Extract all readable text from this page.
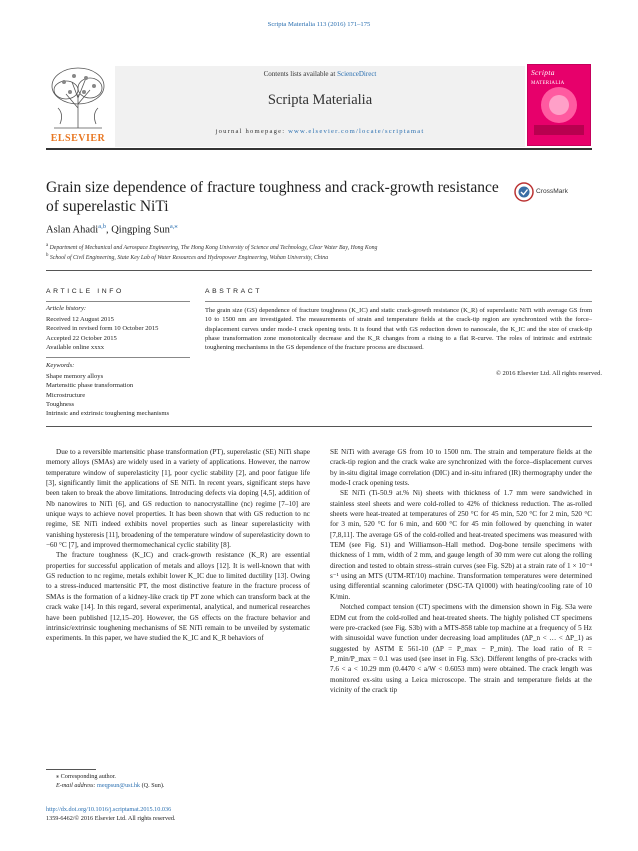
Scripta Materialia 113 (2016) 171–175
ELSEVIER
Contents lists available at ScienceDirect
Scripta Materialia
journal homepage: www.elsevier.com/locate/scriptamat
Scripta MATERIALIA
Grain size dependence of fracture toughness and crack-growth resistance
of superelastic NiTi
CrossMark
Aslan Ahadi$^{a,b}$, Qingping Sun$^{a,⁎}$
$^a$ Department of Mechanical and Aerospace Engineering, The Hong Kong University of Science and Technology, Clear Water Bay, Hong Kong
$^b$ School of Civil Engineering, State Key Lab of Water Resources and Hydropower Engineering, Wuhan University, China
ARTICLE INFO
Article history:
Received 12 August 2015
Received in revised form 10 October 2015
Accepted 22 October 2015
Available online xxxx
Keywords:
Shape memory alloys
Martensitic phase transformation
Microstructure
Toughness
Intrinsic and extrinsic toughening mechanisms
ABSTRACT
The grain size (GS) dependence of fracture toughness (K_IC) and static crack-growth resistance (K_R) of superelastic NiTi with average GS from 10 to 1500 nm are investigated. The measurements of strain and temperature fields at the crack-tip region are synchronized with the force–displacement curves under mode-I crack opening tests. It is found that with GS reduction down to nanoscale, the K_IC and the size of crack-tip phase transformation zone monotonically decrease and the K_R changes from a rising to a flat R-curve. The roles of intrinsic and extrinsic toughening mechanisms in the GS dependence of the fracture process are discussed.
© 2016 Elsevier Ltd. All rights reserved.

Due to a reversible martensitic phase transformation (PT), superelastic (SE) NiTi shape memory alloys (SMAs) are widely used in a variety of applications. However, the narrow temperature window of superelasticity [1], poor cyclic stability [2], and poor fatigue life [3], significantly limit the applications of SE NiTi. In recent years, significant steps have been taken to break the above limitations. Introducing defects via doping [4,5], addition of Nb nanowires to NiTi [6], and GS reduction to nanocrystalline (nc) regime [7–10] are unique ways to achieve novel properties. It has been shown that with GS reduction to nc regime, SE NiTi indeed exhibits novel properties such as linear superelasticity with vanishing hysteresis [11], broadening of the temperature window of superelasticity down to −60 °C [7], and improved thermomechanical cyclic stability [8].

The fracture toughness (K_IC) and crack-growth resistance (K_R) are essential properties for successful application of metals and alloys [12]. It is well-known that with GS reduction to nc regime, metals exhibit lower K_IC due to limited ductility [13]. Owing to a stress-induced martensitic PT, the most distinctive feature in the fracture process of SMAs is the formation of a kidney-like crack tip PT zone which can transform back at the crack wake [14]. In this regard, several experimental, analytical, and numerical researches have been published [12,15–20]. However, the GS effects on the fracture behavior and intrinsic/extrinsic toughening mechanisms of SE NiTi remain to be unveiled by systematic experiments. In this paper, we have studied the K_IC and K_R behaviors of

SE NiTi with average GS from 10 to 1500 nm. The strain and temperature fields at the crack-tip region and the crack wake are synchronized with the force–displacement curves by in-situ digital image correlation (DIC) and in-situ infrared (IR) thermography under the mode-I crack opening tests.

SE NiTi (Ti-50.9 at.% Ni) sheets with thickness of 1.7 mm were sandwiched in stainless steel sheets and were cold-rolled to 42% of thickness reduction. The as-rolled sheets were heat-treated at temperatures of 250 °C for 45 min, 520 °C for 2 min, 520 °C for 3 min, 520 °C for 6 min, and 600 °C for 45 min followed by quenching in water [7,8,11]. The average GS of the cold-rolled and heat-treated specimens was measured with TEM (see Fig. S1) and Williamson–Hall method. Dog-bone tensile specimens with thickness of 1 mm, width of 2 mm, and gauge length of 30 mm were cut along the rolling direction and tested to obtain stress–strain curves (see Fig. S2b) at a strain rate of 1 × 10⁻⁴ s⁻¹ using an MTS (UTM-RT/10) machine. Transformation temperatures were determined using differential scanning calorimeter (DSC-TA Q1000) with heating/cooling rate of 10 K/min.

Notched compact tension (CT) specimens with the dimension shown in Fig. S3a were EDM cut from the cold-rolled and heat-treated sheets. The highly polished CT specimens were pre-cracked (see Fig. S3b) with a MTS-858 table top machine at a frequency of 5 Hz with sinusoidal wave function under decreasing load amplitudes (ΔP_n < … < ΔP_1) as suggested by ASTM E 561-10 (ΔP = P_max − P_min). The load ratio of R = P_min/P_max = 0.1 was used (see inset in Fig. S3c). Different lengths of pre-cracks with 7.6 < a < 10.29 mm (0.4470 < a/W < 0.6053 mm) were obtained. The crack length was monitored ex-situ using a Leica microscope. The strain and temperature fields at the vicinity of the crack tip

⁎ Corresponding author.
E-mail address: meqpsun@ust.hk (Q. Sun).
http://dx.doi.org/10.1016/j.scriptamat.2015.10.036
1359-6462/© 2016 Elsevier Ltd. All rights reserved.
